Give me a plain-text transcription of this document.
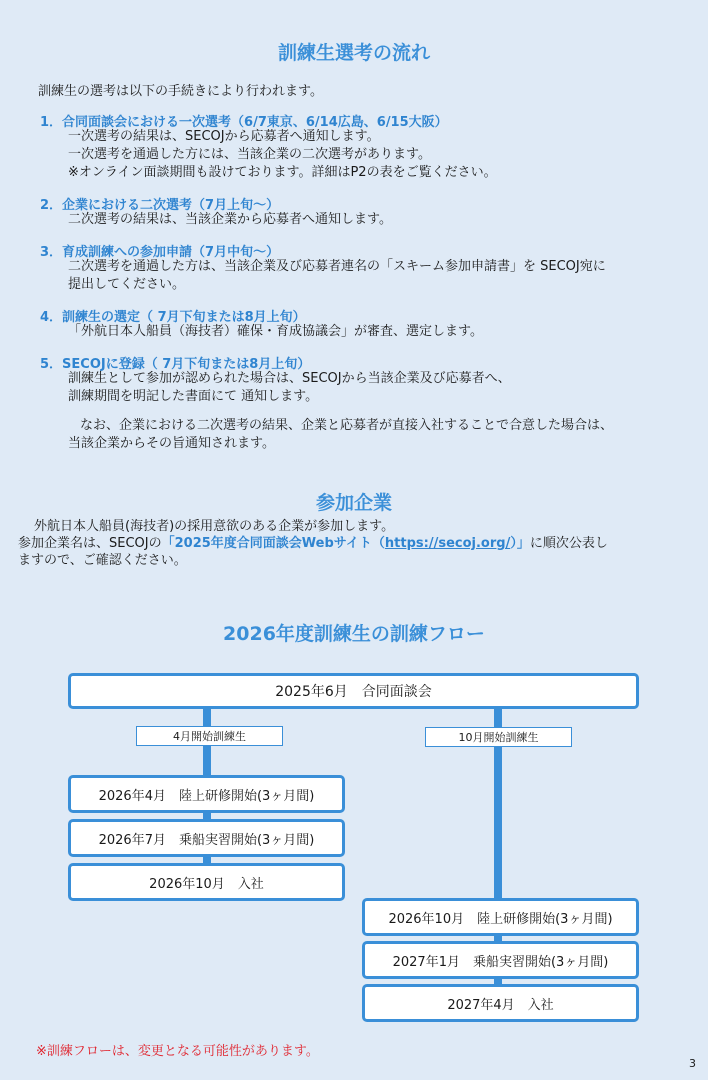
訓練生選考の流れ
訓練生の選考は以下の手続きにより行われます。
1．合同面談会における一次選考（6/7東京、6/14広島、6/15大阪）
一次選考の結果は、SECOJから応募者へ通知します。
一次選考を通過した方には、当該企業の二次選考があります。
※オンライン面談期間も設けております。詳細はP2の表をご覧ください。
2．企業における二次選考（7月上旬～）
二次選考の結果は、当該企業から応募者へ通知します。
3．育成訓練への参加申請（7月中旬～）
二次選考を通過した方は、当該企業及び応募者連名の「スキーム参加申請書」を SECOJ宛に
提出してください。
4．訓練生の選定（ 7月下旬または8月上旬）
「外航日本人船員（海技者）確保・育成協議会」が審査、選定します。
5．SECOJに登録（ 7月下旬または8月上旬）
訓練生として参加が認められた場合は、SECOJから当該企業及び応募者へ、
訓練期間を明記した書面にて 通知します。
なお、企業における二次選考の結果、企業と応募者が直接入社することで合意した場合は、
当該企業からその旨通知されます。
参加企業
外航日本人船員(海技者)の採用意欲のある企業が参加します。
参加企業名は、SECOJの「2025年度合同面談会Webサイト（https://secoj.org/）」に順次公表し
ますので、ご確認ください。
2026年度訓練生の訓練フロー
2025年6月　合同面談会
4月開始訓練生	10月開始訓練生
2026年4月　陸上研修開始(3ヶ月間)
2026年7月　乗船実習開始(3ヶ月間)
2026年10月　入社
2026年10月　陸上研修開始(3ヶ月間)
2027年1月　乗船実習開始(3ヶ月間)
2027年4月　入社
※訓練フローは、変更となる可能性があります。
3
